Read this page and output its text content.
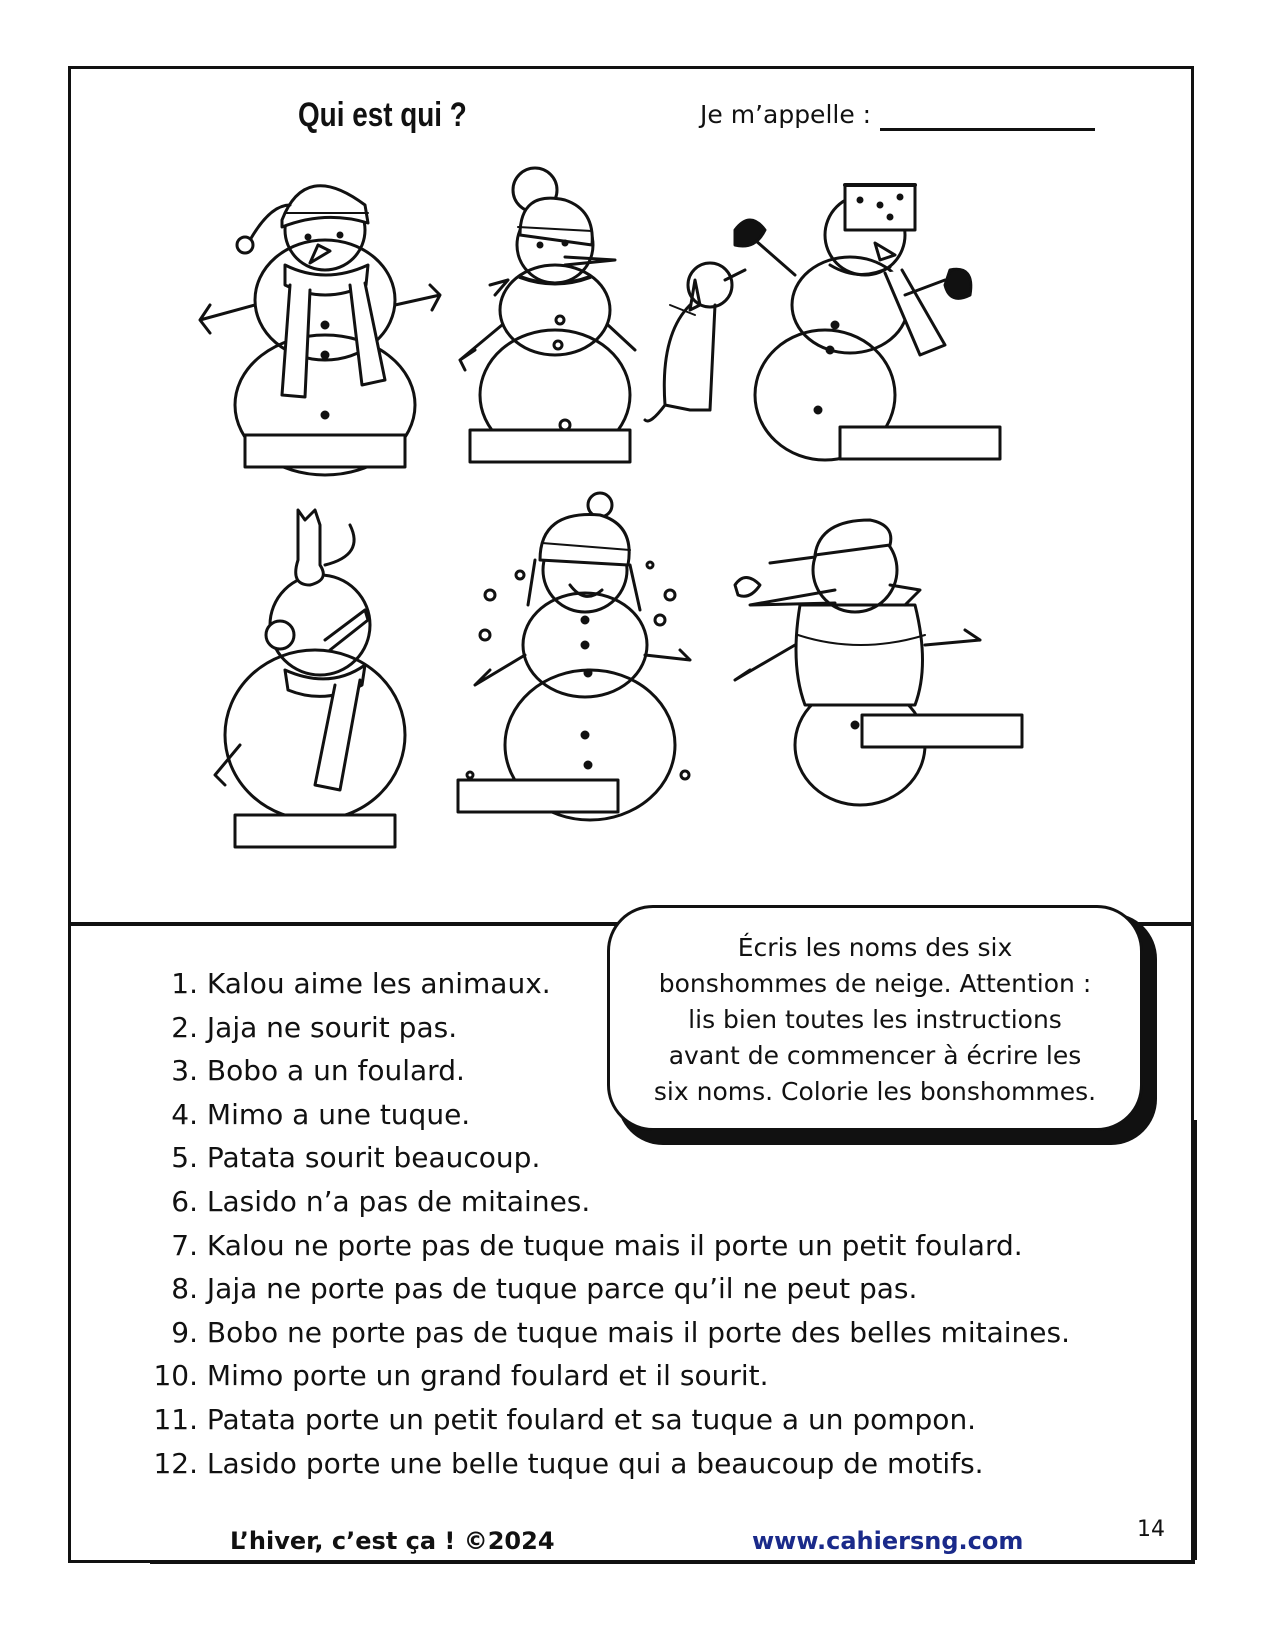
Qui est qui ?	Je m’appelle :
Écris les noms des six
bonshommes de neige. Attention :
lis bien toutes les instructions
avant de commencer à écrire les
six noms. Colorie les bonshommes.
1. Kalou aime les animaux.
2. Jaja ne sourit pas.
3. Bobo a un foulard.
4. Mimo a une tuque.
5. Patata sourit beaucoup.
6. Lasido n’a pas de mitaines.
7. Kalou ne porte pas de tuque mais il porte un petit foulard.
8. Jaja ne porte pas de tuque parce qu’il ne peut pas.
9. Bobo ne porte pas de tuque mais il porte des belles mitaines.
10. Mimo porte un grand foulard et il sourit.
11. Patata porte un petit foulard et sa tuque a un pompon.
12. Lasido porte une belle tuque qui a beaucoup de motifs.
L’hiver, c’est ça ! ©2024	www.cahiersng.com	14
